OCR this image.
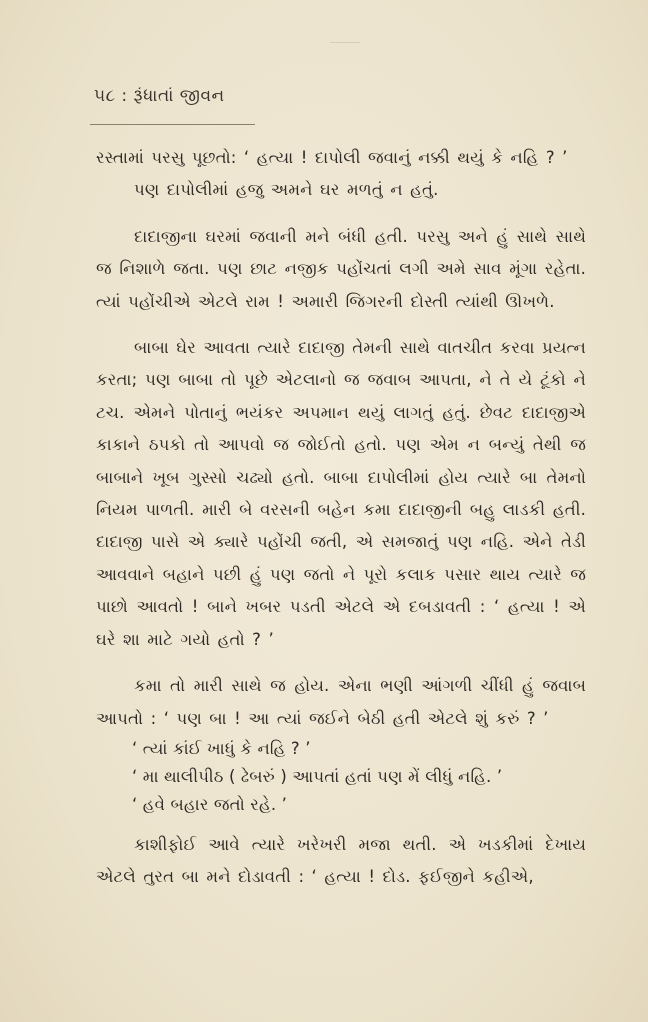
૫૮ : રૂંધાતાં જીવન

રસ્તામાં પરસુ પૂછતો: ‘ હત્યા ! દાપોલી જવાનું નક્કી થયું કે નહિ ? ’

પણ દાપોલીમાં હજુ અમને ઘર મળતું ન હતું.

દાદાજીના ઘરમાં જવાની મને બંધી હતી. પરસુ અને હું સાથે સાથે જ નિશાળે જતા. પણ છાટ નજીક પહોંચતાં લગી અમે સાવ મૂંગા રહેતા. ત્યાં પહોંચીએ એટલે રામ ! અમારી જિગરની દોસ્તી ત્યાંથી ઊખળે.

બાબા ઘેર આવતા ત્યારે દાદાજી તેમની સાથે વાતચીત કરવા પ્રયત્ન કરતા; પણ બાબા તો પૂછે એટલાનો જ જવાબ આપતા, ને તે યે ટૂંકો ને ટચ. એમને પોતાનું ભયંકર અપમાન થયું લાગતું હતું. છેવટ દાદાજીએ કાકાને ઠપકો તો આપવો જ જોઈતો હતો. પણ એમ ન બન્યું તેથી જ બાબાને ખૂબ ગુસ્સો ચઢ્યો હતો. બાબા દાપોલીમાં હોય ત્યારે બા તેમનો નિયમ પાળતી. મારી બે વરસની બહેન કમા દાદાજીની બહુ લાડકી હતી. દાદાજી પાસે એ ક્યારે પહોંચી જતી, એ સમજાતું પણ નહિ. એને તેડી આવવાને બહાને પછી હું પણ જતો ને પૂરો કલાક પસાર થાય ત્યારે જ પાછો આવતો ! બાને ખબર પડતી એટલે એ દબડાવતી : ‘ હત્યા ! એ ઘરે શા માટે ગયો હતો ? ’

કમા તો મારી સાથે જ હોય. એના ભણી આંગળી ચીંધી હું જવાબ આપતો : ‘ પણ બા ! આ ત્યાં જઈને બેઠી હતી એટલે શું કરું ? ’

‘ ત્યાં કાંઈ ખાધું કે નહિ ? ’

‘ મા થાલીપીઠ ( ઢેબરું ) આપતાં હતાં પણ મેં લીધું નહિ. ’

‘ હવે બહાર જતો રહે. ’

કાશીફોઈ આવે ત્યારે ખરેખરી મજા થતી. એ ખડકીમાં દેખાય એટલે તુરત બા મને દોડાવતી : ‘ હત્યા ! દોડ. ફઈજીને કહીએ,
